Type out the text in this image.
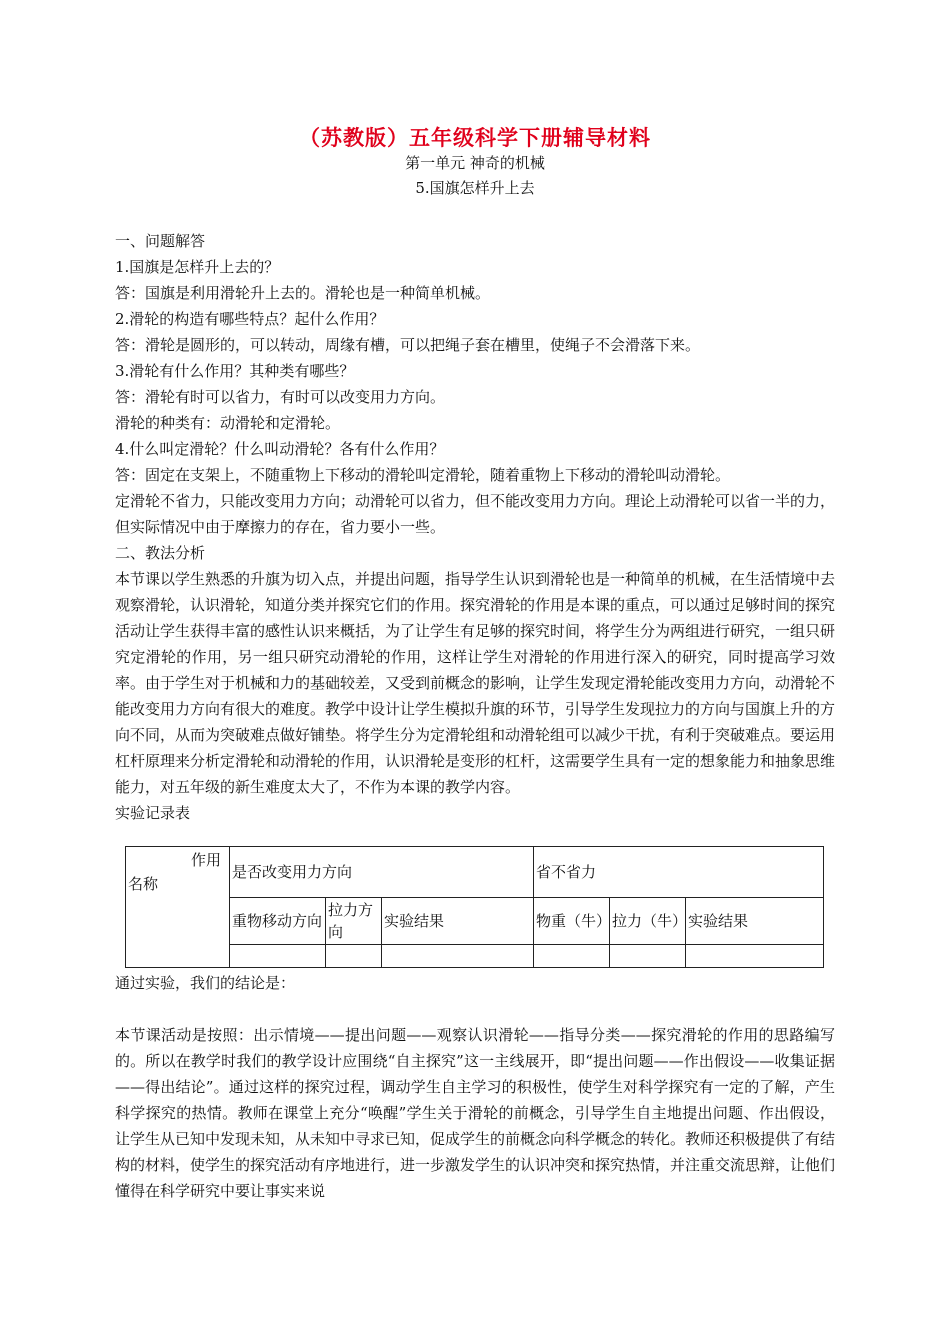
（苏教版）五年级科学下册辅导材料
第一单元 神奇的机械
5.国旗怎样升上去

一、问题解答

1.国旗是怎样升上去的？

答：国旗是利用滑轮升上去的。滑轮也是一种简单机械。

2.滑轮的构造有哪些特点？起什么作用？

答：滑轮是圆形的，可以转动，周缘有槽，可以把绳子套在槽里，使绳子不会滑落下来。

3.滑轮有什么作用？其种类有哪些？

答：滑轮有时可以省力，有时可以改变用力方向。

滑轮的种类有：动滑轮和定滑轮。

4.什么叫定滑轮？什么叫动滑轮？各有什么作用？

答：固定在支架上，不随重物上下移动的滑轮叫定滑轮，随着重物上下移动的滑轮叫动滑轮。

定滑轮不省力，只能改变用力方向；动滑轮可以省力，但不能改变用力方向。理论上动滑轮可以省一半的力，但实际情况中由于摩擦力的存在，省力要小一些。

二、教法分析

本节课以学生熟悉的升旗为切入点，并提出问题，指导学生认识到滑轮也是一种简单的机械，在生活情境中去观察滑轮，认识滑轮，知道分类并探究它们的作用。探究滑轮的作用是本课的重点，可以通过足够时间的探究活动让学生获得丰富的感性认识来概括，为了让学生有足够的探究时间，将学生分为两组进行研究，一组只研究定滑轮的作用，另一组只研究动滑轮的作用，这样让学生对滑轮的作用进行深入的研究，同时提高学习效率。由于学生对于机械和力的基础较差，又受到前概念的影响，让学生发现定滑轮能改变用力方向，动滑轮不能改变用力方向有很大的难度。教学中设计让学生模拟升旗的环节，引导学生发现拉力的方向与国旗上升的方向不同，从而为突破难点做好铺垫。将学生分为定滑轮组和动滑轮组可以减少干扰，有利于突破难点。要运用杠杆原理来分析定滑轮和动滑轮的作用，认识滑轮是变形的杠杆，这需要学生具有一定的想象能力和抽象思维能力，对五年级的新生难度太大了，不作为本课的教学内容。

实验记录表

作用
名称	是否改变用力方向			省不省力		
	重物移动方向	拉力方向	实验结果	物重（牛）	拉力（牛）	实验结果

通过实验，我们的结论是：

本节课活动是按照：出示情境——提出问题——观察认识滑轮——指导分类——探究滑轮的作用的思路编写的。所以在教学时我们的教学设计应围绕“自主探究”这一主线展开，即“提出问题——作出假设——收集证据——得出结论”。通过这样的探究过程，调动学生自主学习的积极性，使学生对科学探究有一定的了解，产生科学探究的热情。教师在课堂上充分“唤醒”学生关于滑轮的前概念，引导学生自主地提出问题、作出假设，让学生从已知中发现未知，从未知中寻求已知，促成学生的前概念向科学概念的转化。教师还积极提供了有结构的材料，使学生的探究活动有序地进行，进一步激发学生的认识冲突和探究热情，并注重交流思辩，让他们懂得在科学研究中要让事实来说
